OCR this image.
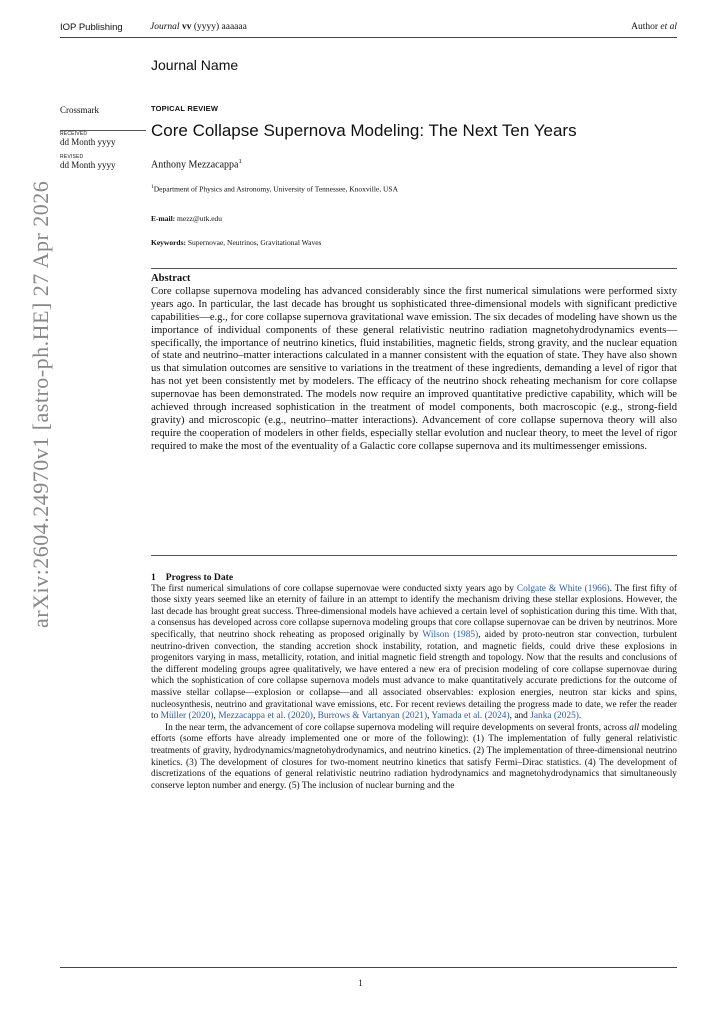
IOP Publishing	Journal vv (yyyy) aaaaaa	Author et al
Journal Name
Crossmark
RECEIVED
dd Month yyyy
REVISED
dd Month yyyy
TOPICAL REVIEW
Core Collapse Supernova Modeling: The Next Ten Years
Anthony Mezzacappa$^1$
$^1$Department of Physics and Astronomy, University of Tennessee, Knoxville, USA
E-mail: mezz@utk.edu
Keywords: Supernovae, Neutrinos, Gravitational Waves
Abstract

Core collapse supernova modeling has advanced considerably since the first numerical simulations were performed sixty years ago. In particular, the last decade has brought us sophisticated three-dimensional models with significant predictive capabilities—e.g., for core collapse supernova gravitational wave emission. The six decades of modeling have shown us the importance of individual components of these general relativistic neutrino radiation magnetohydrodynamics events—specifically, the importance of neutrino kinetics, fluid instabilities, magnetic fields, strong gravity, and the nuclear equation of state and neutrino–matter interactions calculated in a manner consistent with the equation of state. They have also shown us that simulation outcomes are sensitive to variations in the treatment of these ingredients, demanding a level of rigor that has not yet been consistently met by modelers. The efficacy of the neutrino shock reheating mechanism for core collapse supernovae has been demonstrated. The models now require an improved quantitative predictive capability, which will be achieved through increased sophistication in the treatment of model components, both macroscopic (e.g., strong-field gravity) and microscopic (e.g., neutrino–matter interactions). Advancement of core collapse supernova theory will also require the cooperation of modelers in other fields, especially stellar evolution and nuclear theory, to meet the level of rigor required to make the most of the eventuality of a Galactic core collapse supernova and its multimessenger emissions.

1 Progress to Date

The first numerical simulations of core collapse supernovae were conducted sixty years ago by Colgate & White (1966). The first fifty of those sixty years seemed like an eternity of failure in an attempt to identify the mechanism driving these stellar explosions. However, the last decade has brought great success. Three-dimensional models have achieved a certain level of sophistication during this time. With that, a consensus has developed across core collapse supernova modeling groups that core collapse supernovae can be driven by neutrinos. More specifically, that neutrino shock reheating as proposed originally by Wilson (1985), aided by proto-neutron star convection, turbulent neutrino-driven convection, the standing accretion shock instability, rotation, and magnetic fields, could drive these explosions in progenitors varying in mass, metallicity, rotation, and initial magnetic field strength and topology. Now that the results and conclusions of the different modeling groups agree qualitatively, we have entered a new era of precision modeling of core collapse supernovae during which the sophistication of core collapse supernova models must advance to make quantitatively accurate predictions for the outcome of massive stellar collapse—explosion or collapse—and all associated observables: explosion energies, neutron star kicks and spins, nucleosynthesis, neutrino and gravitational wave emissions, etc. For recent reviews detailing the progress made to date, we refer the reader to Müller (2020), Mezzacappa et al. (2020), Burrows & Vartanyan (2021), Yamada et al. (2024), and Janka (2025).

In the near term, the advancement of core collapse supernova modeling will require developments on several fronts, across all modeling efforts (some efforts have already implemented one or more of the following): (1) The implementation of fully general relativistic treatments of gravity, hydrodynamics/magnetohydrodynamics, and neutrino kinetics. (2) The implementation of three-dimensional neutrino kinetics. (3) The development of closures for two-moment neutrino kinetics that satisfy Fermi–Dirac statistics. (4) The development of discretizations of the equations of general relativistic neutrino radiation hydrodynamics and magnetohydrodynamics that simultaneously conserve lepton number and energy. (5) The inclusion of nuclear burning and the

arXiv:2604.24970v1 [astro-ph.HE] 27 Apr 2026
1
